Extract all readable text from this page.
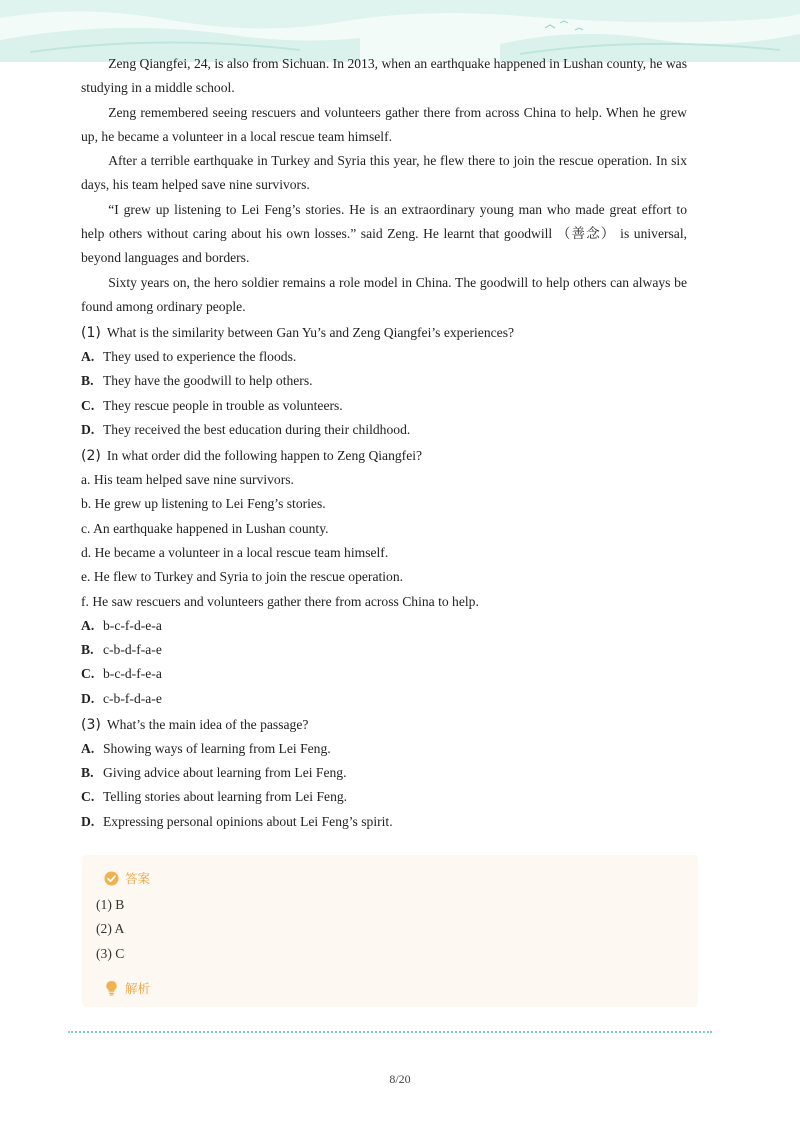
Zeng Qiangfei, 24, is also from Sichuan. In 2013, when an earthquake happened in Lushan county, he was studying in a middle school.

Zeng remembered seeing rescuers and volunteers gather there from across China to help. When he grew up, he became a volunteer in a local rescue team himself.

After a terrible earthquake in Turkey and Syria this year, he flew there to join the rescue operation. In six days, his team helped save nine survivors.

“I grew up listening to Lei Feng’s stories. He is an extraordinary young man who made great effort to help others without caring about his own losses.” said Zeng. He learnt that goodwill （善念） is universal, beyond languages and borders.

Sixty years on, the hero soldier remains a role model in China. The goodwill to help others can always be found among ordinary people.

(1) What is the similarity between Gan Yu’s and Zeng Qiangfei’s experiences?
A. They used to experience the floods.
B. They have the goodwill to help others.
C. They rescue people in trouble as volunteers.
D. They received the best education during their childhood.
(2) In what order did the following happen to Zeng Qiangfei?
a. His team helped save nine survivors.
b. He grew up listening to Lei Feng’s stories.
c. An earthquake happened in Lushan county.
d. He became a volunteer in a local rescue team himself.
e. He flew to Turkey and Syria to join the rescue operation.
f. He saw rescuers and volunteers gather there from across China to help.
A. b-c-f-d-e-a
B. c-b-d-f-a-e
C. b-c-d-f-e-a
D. c-b-f-d-a-e
(3) What’s the main idea of the passage?
A. Showing ways of learning from Lei Feng.
B. Giving advice about learning from Lei Feng.
C. Telling stories about learning from Lei Feng.
D. Expressing personal opinions about Lei Feng’s spirit.
答案
(1) B
(2) A
(3) C
解析
8/20
